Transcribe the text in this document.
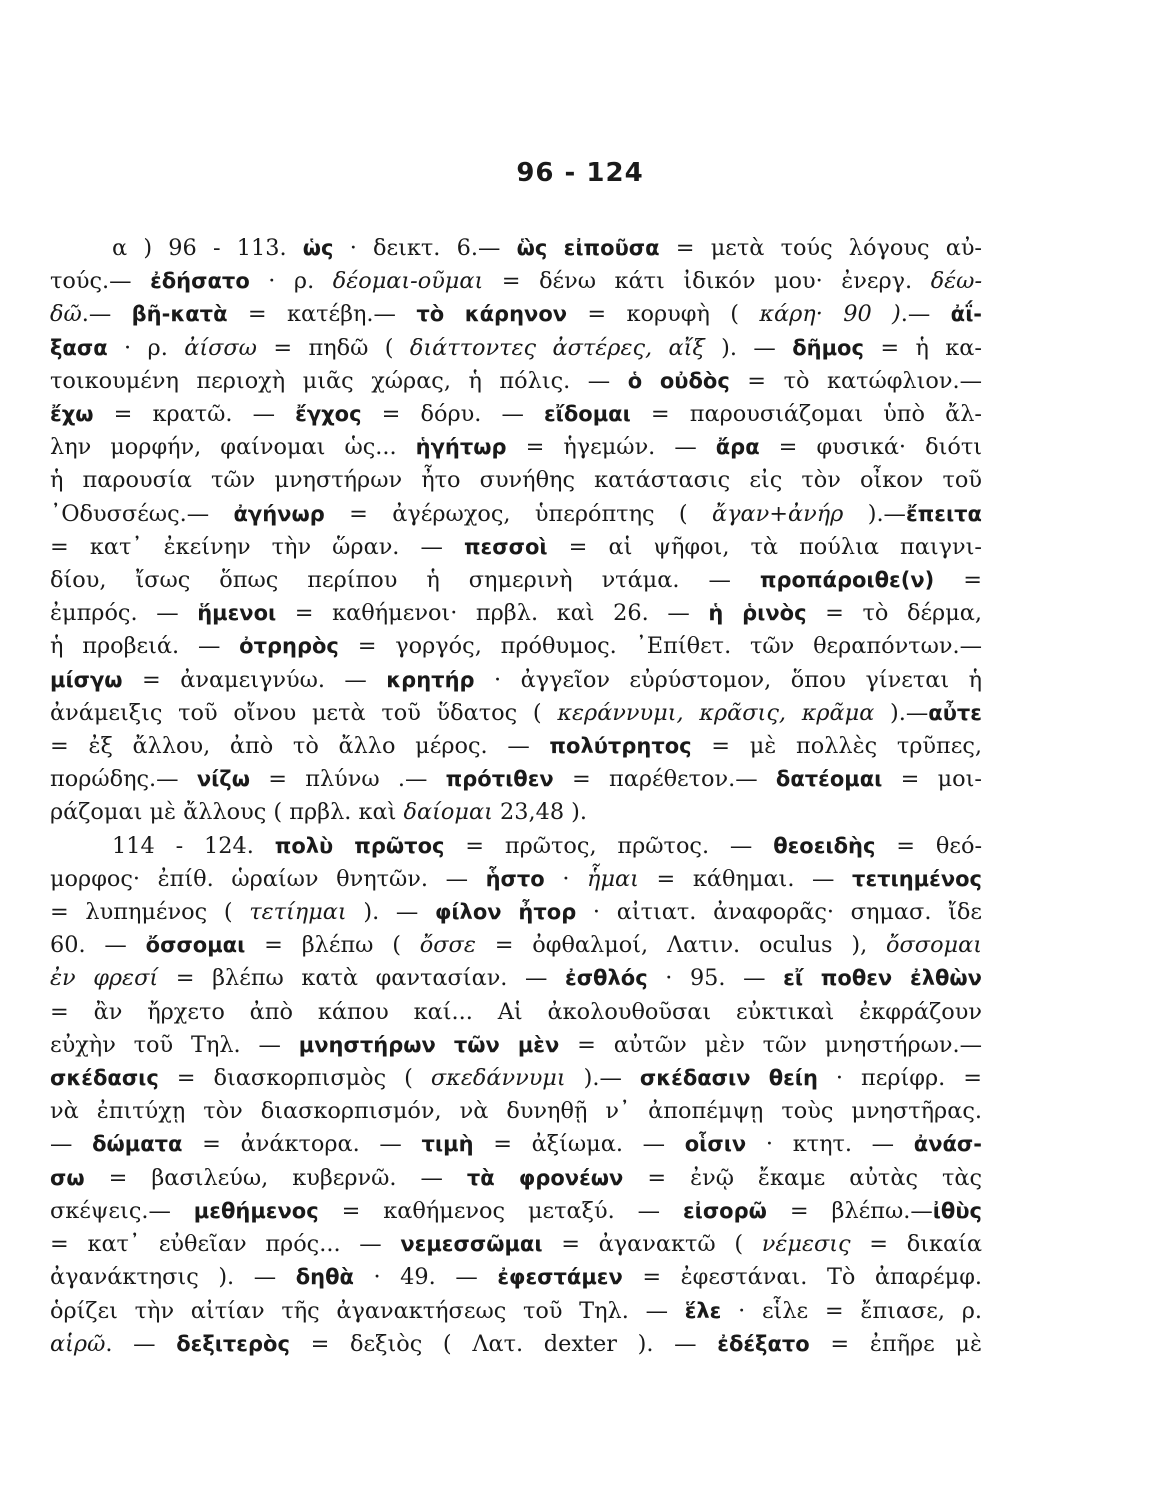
96 - 124
α ) 96 - 113. ὡς · δεικτ. 6.— ὣς εἰποῦσα = μετὰ τούς λόγους αὐ-
τούς.— ἐδήσατο · ρ. δέομαι-οῦμαι = δένω κάτι ἰδικόν μου· ἐνεργ. δέω-
δῶ.— βῆ-κατὰ = κατέβη.— τὸ κάρηνον = κορυφὴ ( κάρη· 90 ).— ἀΐ-
ξασα · ρ. ἀίσσω = πηδῶ ( διάττοντες ἀστέρες, αἴξ ). — δῆμος = ἡ κα-
τοικουμένη περιοχὴ μιᾶς χώρας, ἡ πόλις. — ὁ οὐδὸς = τὸ κατώφλιον.—
ἔχω = κρατῶ. — ἔγχος = δόρυ. — εἴδομαι = παρουσιάζομαι ὑπὸ ἄλ-
λην μορφήν, φαίνομαι ὡς... ἡγήτωρ = ἡγεμών. — ἄρα = φυσικά· διότι
ἡ παρουσία τῶν μνηστήρων ἦτο συνήθης κατάστασις εἰς τὸν οἶκον τοῦ
᾽Οδυσσέως.— ἀγήνωρ = ἀγέρωχος, ὑπερόπτης ( ἄγαν+ἀνήρ ).—ἔπειτα
= κατ᾽ ἐκείνην τὴν ὥραν. — πεσσοὶ = αἱ ψῆφοι, τὰ πούλια παιγνι-
δίου, ἴσως ὅπως περίπου ἡ σημερινὴ ντάμα. — προπάροιθε(ν) =
ἐμπρός. — ἥμενοι = καθήμενοι· πρβλ. καὶ 26. — ἡ ῥινὸς = τὸ δέρμα,
ἡ προβειά. — ὀτρηρὸς = γοργός, πρόθυμος. ᾽Επίθετ. τῶν θεραπόντων.—
μίσγω = ἀναμειγνύω. — κρητήρ · ἀγγεῖον εὐρύστομον, ὅπου γίνεται ἡ
ἀνάμειξις τοῦ οἴνου μετὰ τοῦ ὕδατος ( κεράννυμι, κρᾶσις, κρᾶμα ).—αὖτε
= ἐξ ἄλλου, ἀπὸ τὸ ἄλλο μέρος. — πολύτρητος = μὲ πολλὲς τρῦπες,
πορώδης.— νίζω = πλύνω .— πρότιθεν = παρέθετον.— δατέομαι = μοι-
ράζομαι μὲ ἄλλους ( πρβλ. καὶ δαίομαι 23,48 ).
114 - 124. πολὺ πρῶτος = πρῶτος, πρῶτος. — θεοειδὴς = θεό-
μορφος· ἐπίθ. ὡραίων θνητῶν. — ἧστο · ἧμαι = κάθημαι. — τετιημένος
= λυπημένος ( τετίημαι ). — φίλον ἦτορ · αἰτιατ. ἀναφορᾶς· σημασ. ἴδε
60. — ὄσσομαι = βλέπω ( ὄσσε = ὀφθαλμοί, Λατιν. oculus ), ὄσσομαι
ἐν φρεσί = βλέπω κατὰ φαντασίαν. — ἐσθλός · 95. — εἴ ποθεν ἐλθὼν
= ἂν ἤρχετο ἀπὸ κάπου καί... Αἱ ἀκολουθοῦσαι εὐκτικαὶ ἐκφράζουν
εὐχὴν τοῦ Τηλ. — μνηστήρων τῶν μὲν = αὐτῶν μὲν τῶν μνηστήρων.—
σκέδασις = διασκορπισμὸς ( σκεδάννυμι ).— σκέδασιν θείη · περίφρ. =
νὰ ἐπιτύχῃ τὸν διασκορπισμόν, νὰ δυνηθῇ ν᾽ ἀποπέμψῃ τοὺς μνηστῆρας.
— δώματα = ἀνάκτορα. — τιμὴ = ἀξίωμα. — οἷσιν · κτητ. — ἀνάσ-
σω = βασιλεύω, κυβερνῶ. — τὰ φρονέων = ἐνῷ ἔκαμε αὐτὰς τὰς
σκέψεις.— μεθήμενος = καθήμενος μεταξύ. — εἰσορῶ = βλέπω.—ἰθὺς
= κατ᾽ εὐθεῖαν πρός... — νεμεσσῶμαι = ἀγανακτῶ ( νέμεσις = δικαία
ἀγανάκτησις ). — δηθὰ · 49. — ἐφεστάμεν = ἐφεστάναι. Τὸ ἀπαρέμφ.
ὁρίζει τὴν αἰτίαν τῆς ἀγανακτήσεως τοῦ Τηλ. — ἕλε · εἷλε = ἔπιασε, ρ.
αἱρῶ. — δεξιτερὸς = δεξιὸς ( Λατ. dexter ). — ἐδέξατο = ἐπῆρε μὲ
